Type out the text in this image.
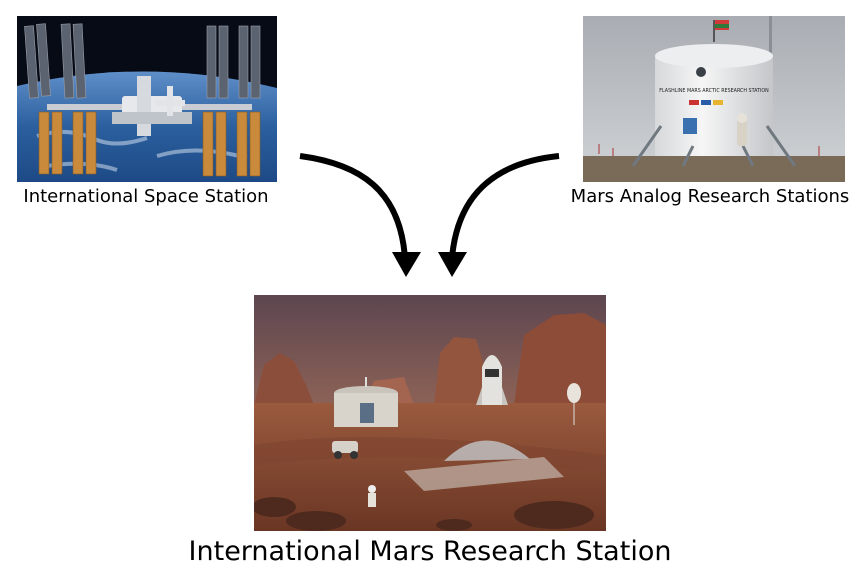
International Space Station
FLASHLINE MARS ARCTIC RESEARCH STATION
Mars Analog Research Stations
International Mars Research Station
